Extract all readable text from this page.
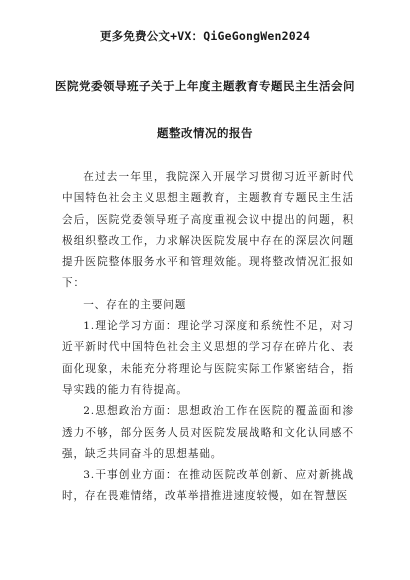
更多免费公文+VX：QiGeGongWen2024
医院党委领导班子关于上年度主题教育专题民主生活会问
题整改情况的报告

在过去一年里，我院深入开展学习贯彻习近平新时代中国特色社会主义思想主题教育，主题教育专题民主生活会后，医院党委领导班子高度重视会议中提出的问题，积极组织整改工作，力求解决医院发展中存在的深层次问题提升医院整体服务水平和管理效能。现将整改情况汇报如下：

一、存在的主要问题

1.理论学习方面：理论学习深度和系统性不足，对习近平新时代中国特色社会主义思想的学习存在碎片化、表面化现象，未能充分将理论与医院实际工作紧密结合，指导实践的能力有待提高。

2.思想政治方面：思想政治工作在医院的覆盖面和渗透力不够，部分医务人员对医院发展战略和文化认同感不强，缺乏共同奋斗的思想基础。

3.干事创业方面：在推动医院改革创新、应对新挑战时，存在畏难情绪，改革举措推进速度较慢，如在智慧医
